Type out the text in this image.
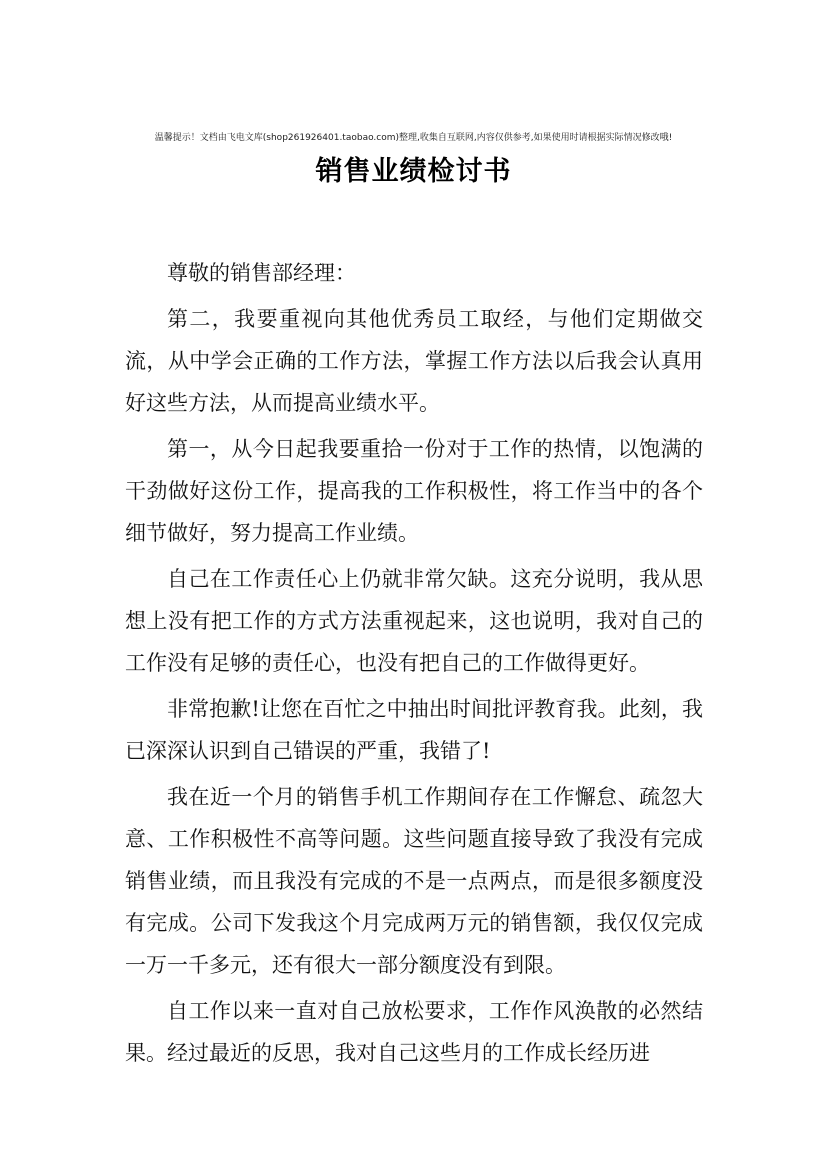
温馨提示！文档由飞电文库(shop261926401.taobao.com)整理,收集自互联网,内容仅供参考,如果使用时请根据实际情况修改哦!
销售业绩检讨书

尊敬的销售部经理：

第二，我要重视向其他优秀员工取经，与他们定期做交流，从中学会正确的工作方法，掌握工作方法以后我会认真用好这些方法，从而提高业绩水平。

第一，从今日起我要重拾一份对于工作的热情，以饱满的干劲做好这份工作，提高我的工作积极性，将工作当中的各个细节做好，努力提高工作业绩。

自己在工作责任心上仍就非常欠缺。这充分说明，我从思想上没有把工作的方式方法重视起来，这也说明，我对自己的工作没有足够的责任心，也没有把自己的工作做得更好。

非常抱歉!让您在百忙之中抽出时间批评教育我。此刻，我已深深认识到自己错误的严重，我错了!

我在近一个月的销售手机工作期间存在工作懈怠、疏忽大意、工作积极性不高等问题。这些问题直接导致了我没有完成销售业绩，而且我没有完成的不是一点两点，而是很多额度没有完成。公司下发我这个月完成两万元的销售额，我仅仅完成一万一千多元，还有很大一部分额度没有到限。

自工作以来一直对自己放松要求，工作作风涣散的必然结果。经过最近的反思，我对自己这些月的工作成长经历进
